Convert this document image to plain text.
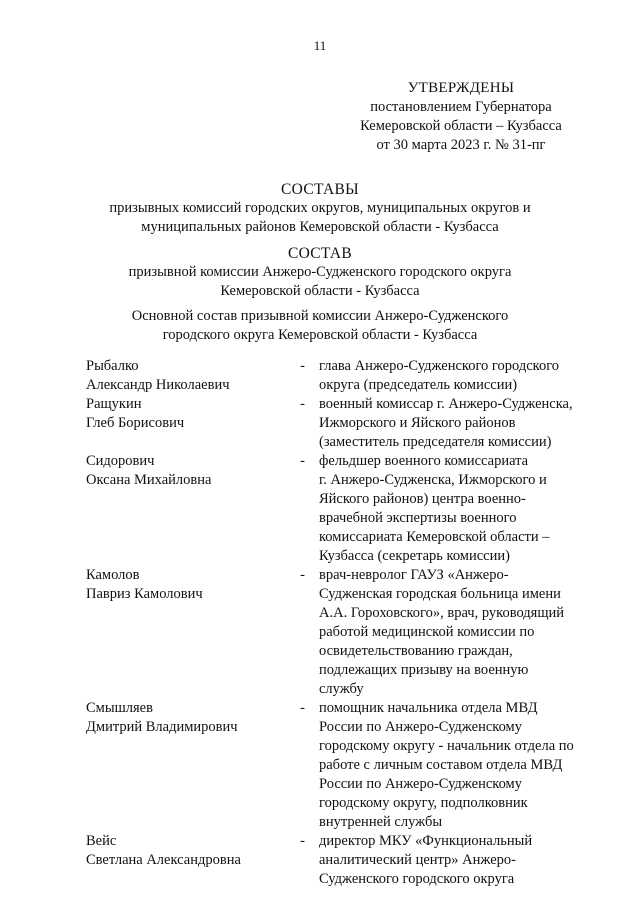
11
УТВЕРЖДЕНЫ
постановлением Губернатора
Кемеровской области – Кузбасса
от 30 марта 2023 г. № 31-пг
СОСТАВЫ
призывных комиссий городских округов, муниципальных округов и
муниципальных районов Кемеровской области - Кузбасса
СОСТАВ
призывной комиссии Анжеро-Судженского городского округа
Кемеровской области - Кузбасса
Основной состав призывной комиссии Анжеро-Судженского
городского округа Кемеровской области - Кузбасса
Рыбалко
Александр Николаевич
- глава Анжеро-Судженского городского
округа (председатель комиссии)
Ращукин
Глеб Борисович
- военный комиссар г. Анжеро-Судженска,
Ижморского и Яйского районов
(заместитель председателя комиссии)
Сидорович
Оксана Михайловна
- фельдшер военного комиссариата
г. Анжеро-Судженска, Ижморского и
Яйского районов) центра военно-
врачебной экспертизы военного
комиссариата Кемеровской области –
Кузбасса (секретарь комиссии)
Камолов
Павриз Камолович
- врач-невролог ГАУЗ «Анжеро-
Судженская городская больница имени
А.А. Гороховского», врач, руководящий
работой медицинской комиссии по
освидетельствованию граждан,
подлежащих призыву на военную
службу
Смышляев
Дмитрий Владимирович
- помощник начальника отдела МВД
России по Анжеро-Судженскому
городскому округу - начальник отдела по
работе с личным составом отдела МВД
России по Анжеро-Судженскому
городскому округу, подполковник
внутренней службы
Вейс
Светлана Александровна
- директор МКУ «Функциональный
аналитический центр» Анжеро-
Судженского городского округа
